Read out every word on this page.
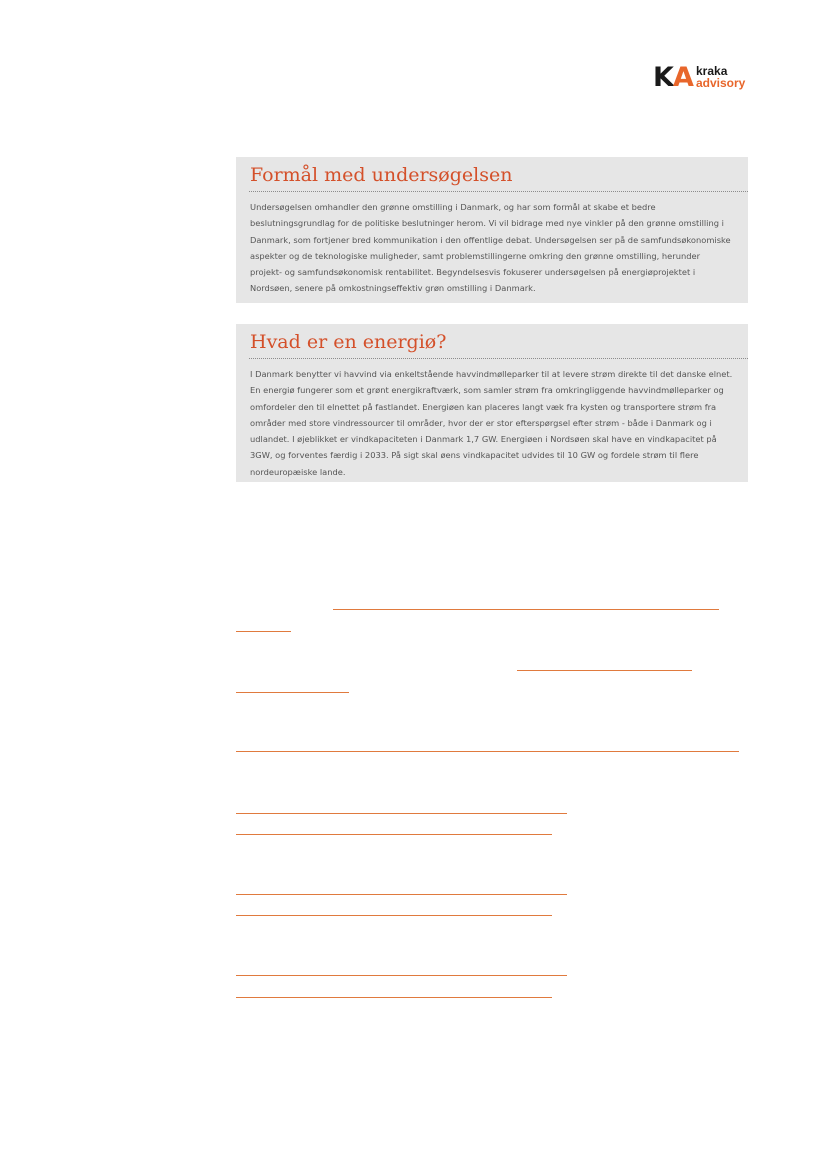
KA kraka
advisory
Formål med undersøgelsen

Undersøgelsen omhandler den grønne omstilling i Danmark, og har som formål at skabe et bedre beslutningsgrundlag for de politiske beslutninger herom. Vi vil bidrage med nye vinkler på den grønne omstilling i Danmark, som fortjener bred kommunikation i den offentlige debat. Undersøgelsen ser på de samfundsøkonomiske aspekter og de teknologiske muligheder, samt problemstillingerne omkring den grønne omstilling, herunder projekt- og samfundsøkonomisk rentabilitet. Begyndelsesvis fokuserer undersøgelsen på energiøprojektet i Nordsøen, senere på omkostningseffektiv grøn omstilling i Danmark.

Hvad er en energiø?

I Danmark benytter vi havvind via enkeltstående havvindmølleparker til at levere strøm direkte til det danske elnet. En energiø fungerer som et grønt energikraftværk, som samler strøm fra omkringliggende havvindmølleparker og omfordeler den til elnettet på fastlandet. Energiøen kan placeres langt væk fra kysten og transportere strøm fra områder med store vindressourcer til områder, hvor der er stor efterspørgsel efter strøm - både i Danmark og i udlandet. I øjeblikket er vindkapaciteten i Danmark 1,7 GW. Energiøen i Nordsøen skal have en vindkapacitet på 3GW, og forventes færdig i 2033. På sigt skal øens vindkapacitet udvides til 10 GW og fordele strøm til flere nordeuropæiske lande.
